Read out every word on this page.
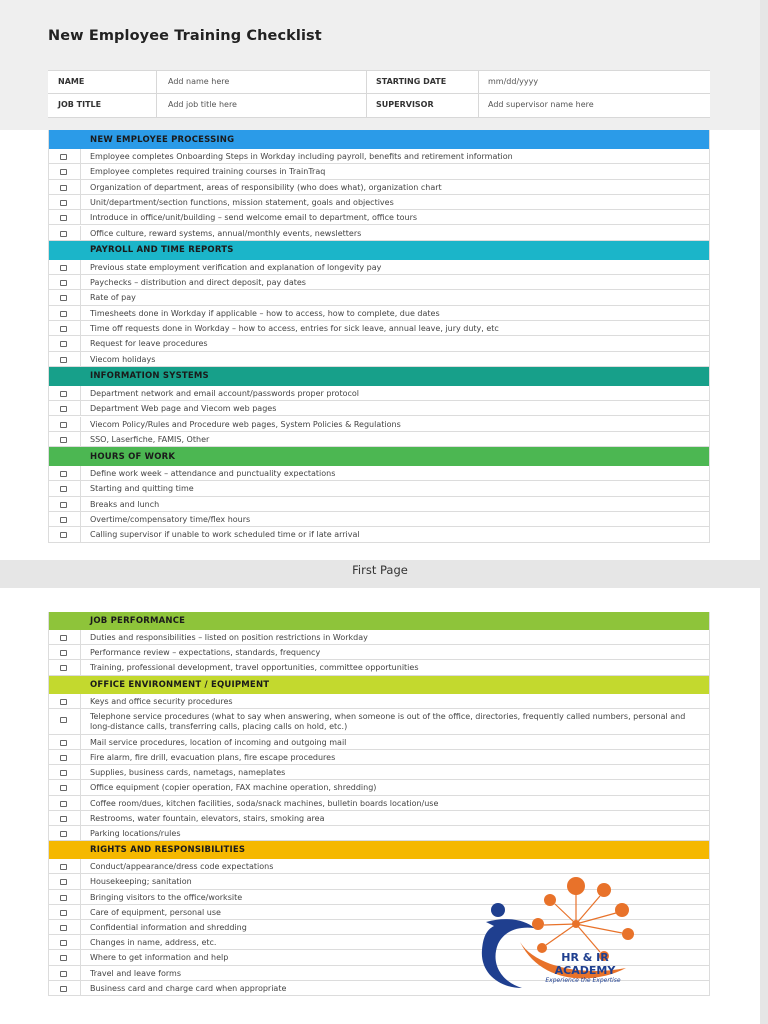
New Employee Training Checklist
NAME	Add name here	STARTING DATE	mm/dd/yyyy
JOB TITLE	Add job title here	SUPERVISOR	Add supervisor name here
NEW EMPLOYEE PROCESSING
Employee completes Onboarding Steps in Workday including payroll, benefits and retirement information
Employee completes required training courses in TrainTraq
Organization of department, areas of responsibility (who does what), organization chart
Unit/department/section functions, mission statement, goals and objectives
Introduce in office/unit/building – send welcome email to department, office tours
Office culture, reward systems, annual/monthly events, newsletters
PAYROLL AND TIME REPORTS
Previous state employment verification and explanation of longevity pay
Paychecks – distribution and direct deposit, pay dates
Rate of pay
Timesheets done in Workday if applicable – how to access, how to complete, due dates
Time off requests done in Workday – how to access, entries for sick leave, annual leave, jury duty, etc
Request for leave procedures
Viecom holidays
INFORMATION SYSTEMS
Department network and email account/passwords proper protocol
Department Web page and Viecom web pages
Viecom Policy/Rules and Procedure web pages, System Policies & Regulations
SSO, Laserfiche, FAMIS, Other
HOURS OF WORK
Define work week – attendance and punctuality expectations
Starting and quitting time
Breaks and lunch
Overtime/compensatory time/flex hours
Calling supervisor if unable to work scheduled time or if late arrival
First Page
JOB PERFORMANCE
Duties and responsibilities – listed on position restrictions in Workday
Performance review – expectations, standards, frequency
Training, professional development, travel opportunities, committee opportunities
OFFICE ENVIRONMENT / EQUIPMENT
Keys and office security procedures
Telephone service procedures (what to say when answering, when someone is out of the office, directories, frequently called numbers, personal and long-distance calls, transferring calls, placing calls on hold, etc.)
Mail service procedures, location of incoming and outgoing mail
Fire alarm, fire drill, evacuation plans, fire escape procedures
Supplies, business cards, nametags, nameplates
Office equipment (copier operation, FAX machine operation, shredding)
Coffee room/dues, kitchen facilities, soda/snack machines, bulletin boards location/use
Restrooms, water fountain, elevators, stairs, smoking area
Parking locations/rules
RIGHTS AND RESPONSIBILITIES
Conduct/appearance/dress code expectations
Housekeeping; sanitation
Bringing visitors to the office/worksite
Care of equipment, personal use
Confidential information and shredding
Changes in name, address, etc.
Where to get information and help
Travel and leave forms
Business card and charge card when appropriate
HR & IR
ACADEMY
Experience the Expertise
